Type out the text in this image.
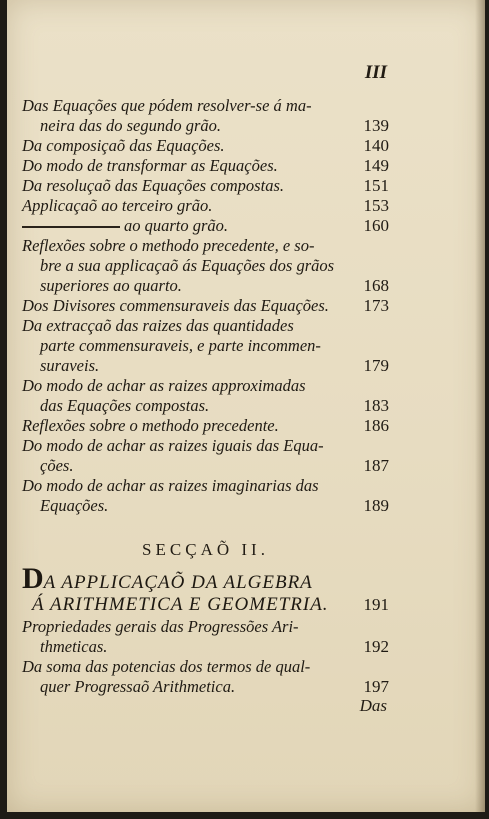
III

Das Equações que pódem resolver-se á ma-
neira das do segundo grão.	139

Da composiçaõ das Equações.	140

Do modo de transformar as Equações.	149

Da resoluçaõ das Equações compostas.	151

Applicaçaõ ao terceiro grão.	153

ao quarto grão.	160

Reflexões sobre o methodo precedente, e so-
bre a sua applicaçaõ ás Equações dos grãos
superiores ao quarto.	168

Dos Divisores commensuraveis das Equações.	173

Da extracçaõ das raizes das quantidades
parte commensuraveis, e parte incommen-
suraveis.	179

Do modo de achar as raizes approximadas
das Equações compostas.	183

Reflexões sobre o methodo precedente.	186

Do modo de achar as raizes iguais das Equa-
ções.	187

Do modo de achar as raizes imaginarias das
Equações.	189

SECÇAÕ II.
DA APPLICAÇAÕ DA ALGEBRA
Á ARITHMETICA E GEOMETRIA.	191

Propriedades gerais das Progressões Ari-
thmeticas.	192

Da soma das potencias dos termos de qual-
quer Progressaõ Arithmetica.	197

Das
